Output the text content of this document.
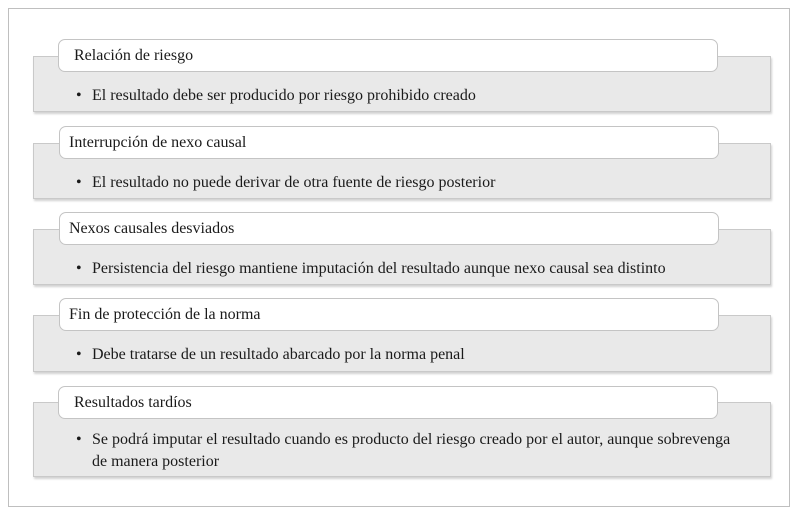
• El resultado debe ser producido por riesgo prohibido creado
Relación de riesgo
• El resultado no puede derivar de otra fuente de riesgo posterior
Interrupción de nexo causal
• Persistencia del riesgo mantiene imputación del resultado aunque nexo causal sea distinto
Nexos causales desviados
• Debe tratarse de un resultado abarcado por la norma penal
Fin de protección de la norma
• Se podrá imputar el resultado cuando es producto del riesgo creado por el autor, aunque sobrevenga de manera posterior
Resultados tardíos
